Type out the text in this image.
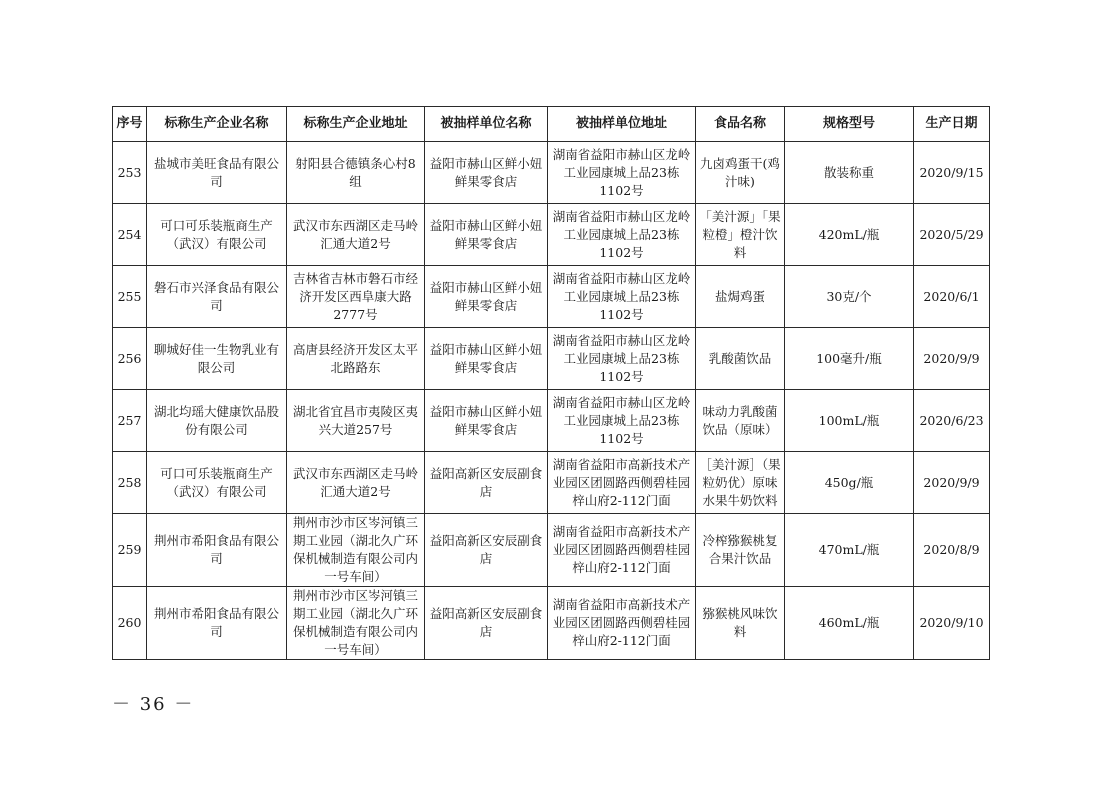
序号	标称生产企业名称	标称生产企业地址	被抽样单位名称	被抽样单位地址	食品名称	规格型号	生产日期
253	盐城市美旺食品有限公司	射阳县合德镇条心村8组	益阳市赫山区鲜小妞鲜果零食店	湖南省益阳市赫山区龙岭工业园康城上品23栋1102号	九卤鸡蛋干(鸡汁味)	散装称重	2020/9/15
254	可口可乐装瓶商生产（武汉）有限公司	武汉市东西湖区走马岭汇通大道2号	益阳市赫山区鲜小妞鲜果零食店	湖南省益阳市赫山区龙岭工业园康城上品23栋1102号	「美汁源」「果粒橙」橙汁饮料	420mL/瓶	2020/5/29
255	磐石市兴泽食品有限公司	吉林省吉林市磐石市经济开发区西阜康大路2777号	益阳市赫山区鲜小妞鲜果零食店	湖南省益阳市赫山区龙岭工业园康城上品23栋1102号	盐焗鸡蛋	30克/个	2020/6/1
256	聊城好佳一生物乳业有限公司	高唐县经济开发区太平北路路东	益阳市赫山区鲜小妞鲜果零食店	湖南省益阳市赫山区龙岭工业园康城上品23栋1102号	乳酸菌饮品	100毫升/瓶	2020/9/9
257	湖北均瑶大健康饮品股份有限公司	湖北省宜昌市夷陵区夷兴大道257号	益阳市赫山区鲜小妞鲜果零食店	湖南省益阳市赫山区龙岭工业园康城上品23栋1102号	味动力乳酸菌饮品（原味）	100mL/瓶	2020/6/23
258	可口可乐装瓶商生产（武汉）有限公司	武汉市东西湖区走马岭汇通大道2号	益阳高新区安辰副食店	湖南省益阳市高新技术产业园区团圆路西侧碧桂园梓山府2-112门面	［美汁源］（果粒奶优）原味水果牛奶饮料	450g/瓶	2020/9/9
259	荆州市希阳食品有限公司	荆州市沙市区岑河镇三期工业园（湖北久广环保机械制造有限公司内一号车间）	益阳高新区安辰副食店	湖南省益阳市高新技术产业园区团圆路西侧碧桂园梓山府2-112门面	冷榨猕猴桃复合果汁饮品	470mL/瓶	2020/8/9
260	荆州市希阳食品有限公司	荆州市沙市区岑河镇三期工业园（湖北久广环保机械制造有限公司内一号车间）	益阳高新区安辰副食店	湖南省益阳市高新技术产业园区团圆路西侧碧桂园梓山府2-112门面	猕猴桃风味饮料	460mL/瓶	2020/9/10
－ 36 －
